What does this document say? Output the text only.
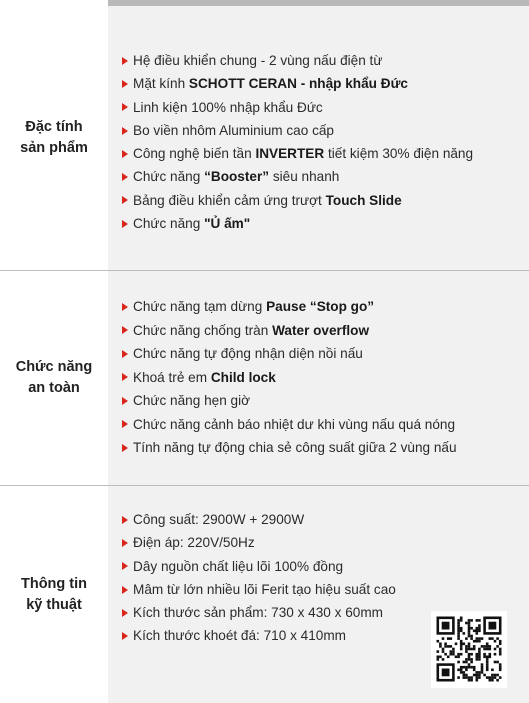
Đặc tính
sản phẩm
Hệ điều khiển chung - 2 vùng nấu điện từ
Mặt kính SCHOTT CERAN - nhập khẩu Đức
Linh kiện 100% nhập khẩu Đức
Bo viền nhôm Aluminium cao cấp
Công nghệ biến tần INVERTER tiết kiệm 30% điện năng
Chức năng “Booster” siêu nhanh
Bảng điều khiển cảm ứng trượt Touch Slide
Chức năng "Ủ ấm"
Chức năng
an toàn
Chức năng tạm dừng Pause “Stop go”
Chức năng chống tràn Water overflow
Chức năng tự động nhận diện nồi nấu
Khoá trẻ em Child lock
Chức năng hẹn giờ
Chức năng cảnh báo nhiệt dư khi vùng nấu quá nóng
Tính năng tự động chia sẻ công suất giữa 2 vùng nấu
Thông tin
kỹ thuật
Công suất: 2900W + 2900W
Điện áp: 220V/50Hz
Dây nguồn chất liệu lõi 100% đồng
Mâm từ lớn nhiều lõi Ferit tạo hiệu suất cao
Kích thước sản phẩm: 730 x 430 x 60mm
Kích thước khoét đá: 710 x 410mm
